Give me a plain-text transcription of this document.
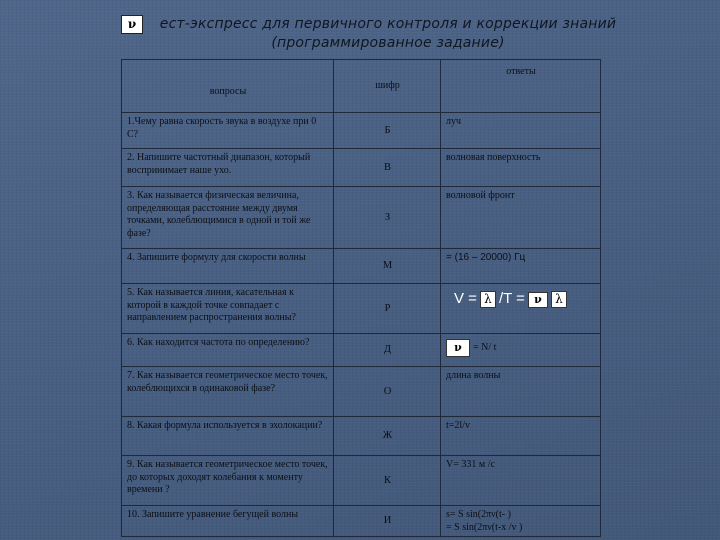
ν	ест-экспресс для первичного контроля и коррекции знаний
(программированное задание)
вопросы	шифр	ответы
1.Чему равна скорость звука в воздухе при 0 С?	Б	луч
2. Напишите частотный диапазон, который воспринимает наше ухо.	В	волновая поверхность
3. Как называется физическая величина, определяющая расстояние между двумя точками, колеблющимися в одной и той же фазе?	З	волновой фронт
4. Запишите формулу для скорости волны	М	= (16 – 20000) Гц
5. Как называется линия, касательная к которой в каждой точке совпадает с направлением распространения волны?	Р	V = λ /T = ν λ

6. Как находится частота по определению?	Д	ν = N/ t

7. Как называется геометрическое место точек, колеблющихся в одинаковой фазе?	О	длина волны
8. Какая формула используется в эхолокации?	Ж	t=2l/v
9. Как называется геометрическое место точек, до которых доходят колебания к моменту времени ?	К	V= 331 м /с
10. Запишите уравнение бегущей волны	И	s= S sin(2πν(t- )
= S sin(2πν(t-x /v )
